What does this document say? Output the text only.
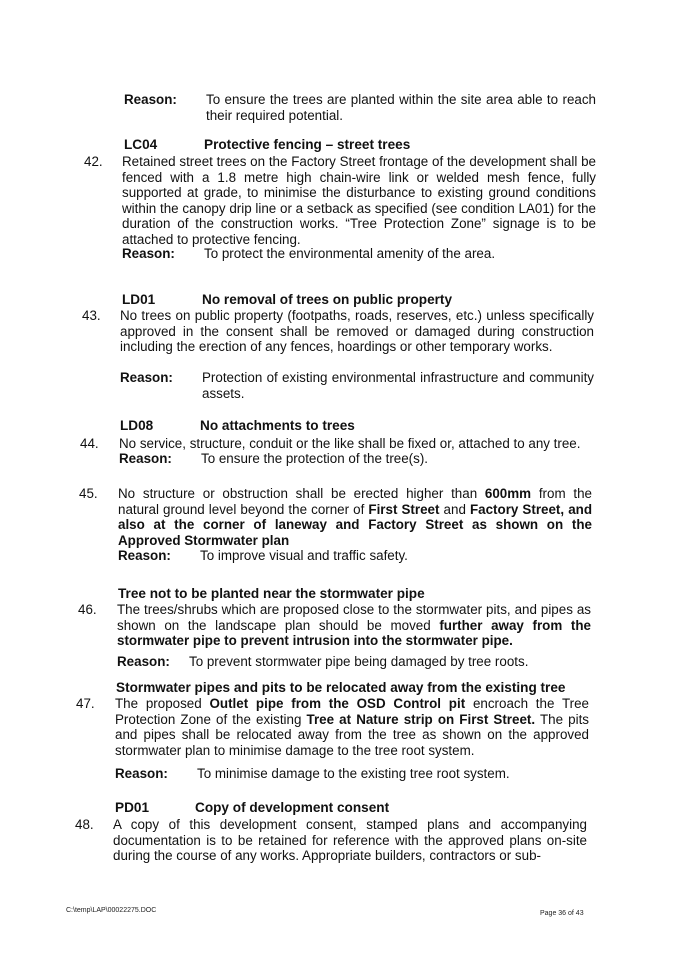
Reason: To ensure the trees are planted within the site area able to reach their required potential.
LC04	Protective fencing – street trees
42. Retained street trees on the Factory Street frontage of the development shall be fenced with a 1.8 metre high chain-wire link or welded mesh fence, fully supported at grade, to minimise the disturbance to existing ground conditions within the canopy drip line or a setback as specified (see condition LA01) for the duration of the construction works. “Tree Protection Zone” signage is to be attached to protective fencing.
Reason: To protect the environmental amenity of the area.
LD01	No removal of trees on public property
43. No trees on public property (footpaths, roads, reserves, etc.) unless specifically approved in the consent shall be removed or damaged during construction including the erection of any fences, hoardings or other temporary works.
Reason: Protection of existing environmental infrastructure and community assets.
LD08	No attachments to trees
44. No service, structure, conduit or the like shall be fixed or, attached to any tree.
Reason: To ensure the protection of the tree(s).
45. No structure or obstruction shall be erected higher than 600mm from the natural ground level beyond the corner of First Street and Factory Street, and also at the corner of laneway and Factory Street as shown on the Approved Stormwater plan
Reason: To improve visual and traffic safety.
Tree not to be planted near the stormwater pipe
46. The trees/shrubs which are proposed close to the stormwater pits, and pipes as shown on the landscape plan should be moved further away from the stormwater pipe to prevent intrusion into the stormwater pipe.
Reason: To prevent stormwater pipe being damaged by tree roots.
Stormwater pipes and pits to be relocated away from the existing tree
47. The proposed Outlet pipe from the OSD Control pit encroach the Tree Protection Zone of the existing Tree at Nature strip on First Street. The pits and pipes shall be relocated away from the tree as shown on the approved stormwater plan to minimise damage to the tree root system.
Reason: To minimise damage to the existing tree root system.
PD01	Copy of development consent
48. A copy of this development consent, stamped plans and accompanying documentation is to be retained for reference with the approved plans on-site during the course of any works. Appropriate builders, contractors or sub-
C:\temp\LAP\00022275.DOC	Page 36 of 43
